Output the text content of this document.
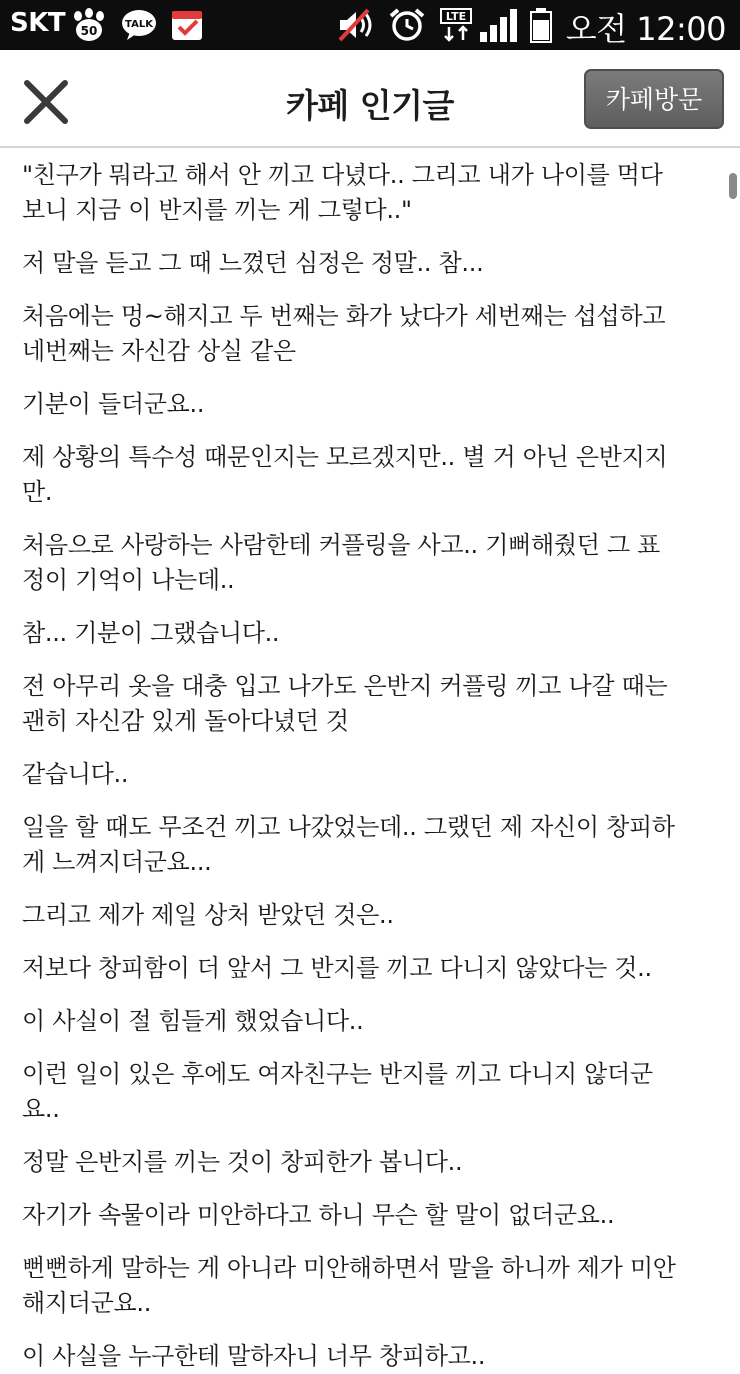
SKT 50	TALK
LTE	오전 12:00
카페 인기글	카페방문

"친구가 뭐라고 해서 안 끼고 다녔다.. 그리고 내가 나이를 먹다
보니 지금 이 반지를 끼는 게 그렇다.."

저 말을 듣고 그 때 느꼈던 심정은 정말.. 참...

처음에는 멍~해지고 두 번째는 화가 났다가 세번째는 섭섭하고
네번째는 자신감 상실 같은

기분이 들더군요..

제 상황의 특수성 때문인지는 모르겠지만.. 별 거 아닌 은반지지
만.

처음으로 사랑하는 사람한테 커플링을 사고.. 기뻐해줬던 그 표
정이 기억이 나는데..

참... 기분이 그랬습니다..

전 아무리 옷을 대충 입고 나가도 은반지 커플링 끼고 나갈 때는
괜히 자신감 있게 돌아다녔던 것

같습니다..

일을 할 때도 무조건 끼고 나갔었는데.. 그랬던 제 자신이 창피하
게 느껴지더군요...

그리고 제가 제일 상처 받았던 것은..

저보다 창피함이 더 앞서 그 반지를 끼고 다니지 않았다는 것..

이 사실이 절 힘들게 했었습니다..

이런 일이 있은 후에도 여자친구는 반지를 끼고 다니지 않더군
요..

정말 은반지를 끼는 것이 창피한가 봅니다..

자기가 속물이라 미안하다고 하니 무슨 할 말이 없더군요..

뻔뻔하게 말하는 게 아니라 미안해하면서 말을 하니까 제가 미안
해지더군요..

이 사실을 누구한테 말하자니 너무 창피하고..
